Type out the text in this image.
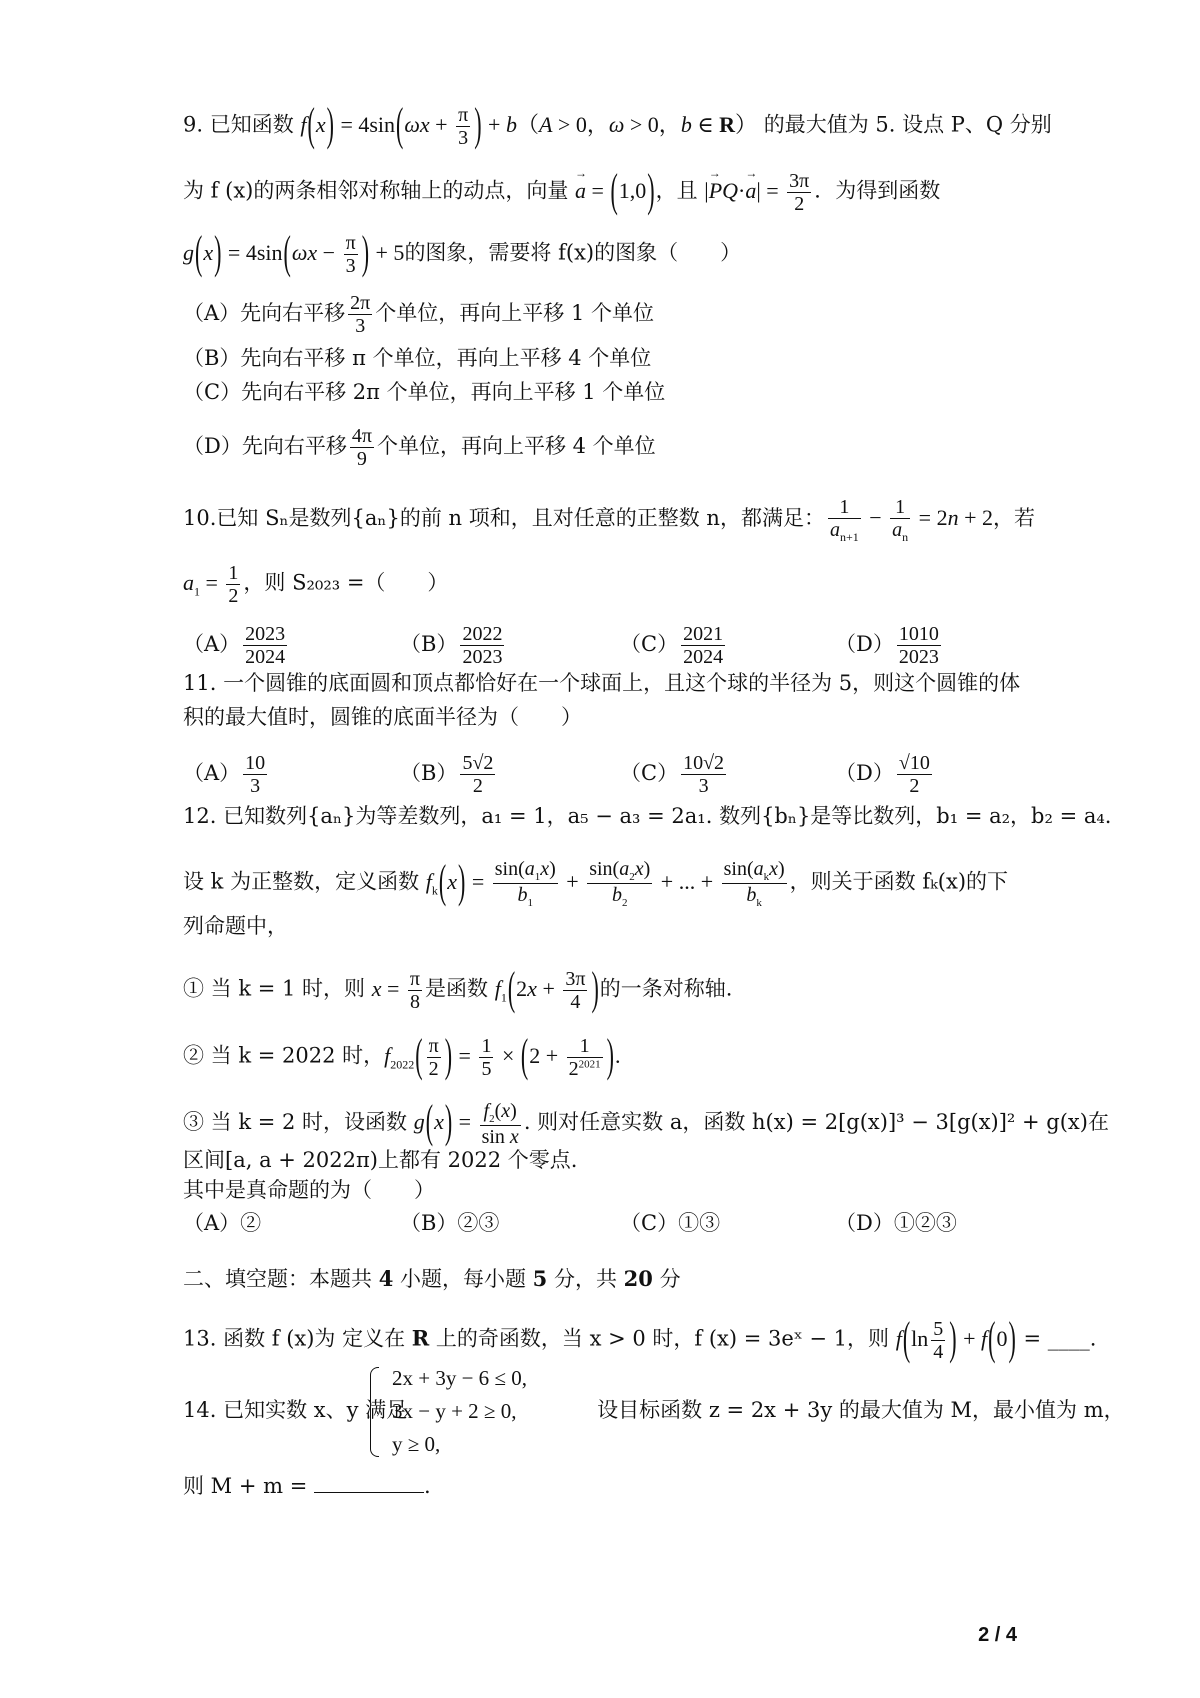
9. 已知函数 $f(x) = 4\sin(\omega x + \frac{\pi}{3}$ ) + b（A > 0，ω > 0，b ∈ R） 的最大值为 5. 设点 P、Q 分别
为 f (x)的两条相邻对称轴上的动点，向量 → a = (1,0)，且 |→ $PQ\cdot\to a| = \frac{3\pi}{2}$ ．为得到函数
$g(x) = 4\sin(\omega x - \frac{\pi}{3}$ ) + 5的图象，需要将 f(x)的图象（　　）
（A）先向右平移 $\frac{2\pi}{3}$ 个单位，再向上平移 1 个单位
（B）先向右平移 π 个单位，再向上平移 4 个单位
（C）先向右平移 2π 个单位，再向上平移 1 个单位
（D）先向右平移 $\frac{4\pi}{9}$ 个单位，再向上平移 4 个单位
10.已知 Sₙ是数列{aₙ}的前 n 项和，且对任意的正整数 n，都满足： $\frac{1}{a_{n+1}} - \frac{1}{a_n} = 2n + 2$，若
$a_1 = \frac{1}{2}$ ，则 S₂₀₂₃ =（　　）
$(A) \frac{2023}{2024}$	$(B) \frac{2022}{2023}$	$(C) \frac{2021}{2024}$	$(D) \frac{1010}{2023}$
11. 一个圆锥的底面圆和顶点都恰好在一个球面上，且这个球的半径为 5，则这个圆锥的体
积的最大值时，圆锥的底面半径为（　　）
$(A) \frac{10}{3}$	$(B) \frac{5√2}{2}$	$(C) \frac{10√2}{3}$	$(D) \frac{√10}{2}$
12. 已知数列{aₙ}为等差数列，a₁ = 1，a₅ − a₃ = 2a₁. 数列{bₙ}是等比数列，b₁ = a₂，b₂ = a₄.
设 k 为正整数，定义函数 $f_k(x) = \frac{\sin(a_1x)}{b_1} + \frac{\sin(a_2x)}{b_2}$ + ... + $\frac{\sin(a_kx)}{b_k}$ ，则关于函数 fₖ(x)的下
列命题中，
① 当 k = 1 时，则 $x = \frac{\pi}{8}$ 是函数 $f_1(2x + \frac{3\pi}{4}$ )的一条对称轴.
② 当 k = 2022 时，$f_{2022}( \frac{\pi}{2}$ ) = $\frac{1}{5} \times (2 + \frac{1}{2^{2021}}$ ).
③ 当 k = 2 时，设函数 $g(x) = \frac{f_2(x)}{\text{sin x}}$ . 则对任意实数 a，函数 h(x) = 2[g(x)]³ − 3[g(x)]² + g(x)在
区间[a, a + 2022π)上都有 2022 个零点.
其中是真命题的为（　　）
（A）②	（B）②③	（C）①③	（D）①②③
二、填空题：本题共 4 小题，每小题 5 分，共 20 分
13. 函数 f (x)为 定义在 R 上的奇函数，当 x > 0 时，f (x) = 3eˣ − 1，则 $f(\ln \frac{5}{4}$ ) + f(0) = ____.
14. 已知实数 x、y 满足	设目标函数 z = 2x + 3y 的最大值为 M，最小值为 m，
2x + 3y − 6 ≤ 0,
3x − y + 2 ≥ 0,
y ≥ 0,
则 M + m =	.
2 / 4
